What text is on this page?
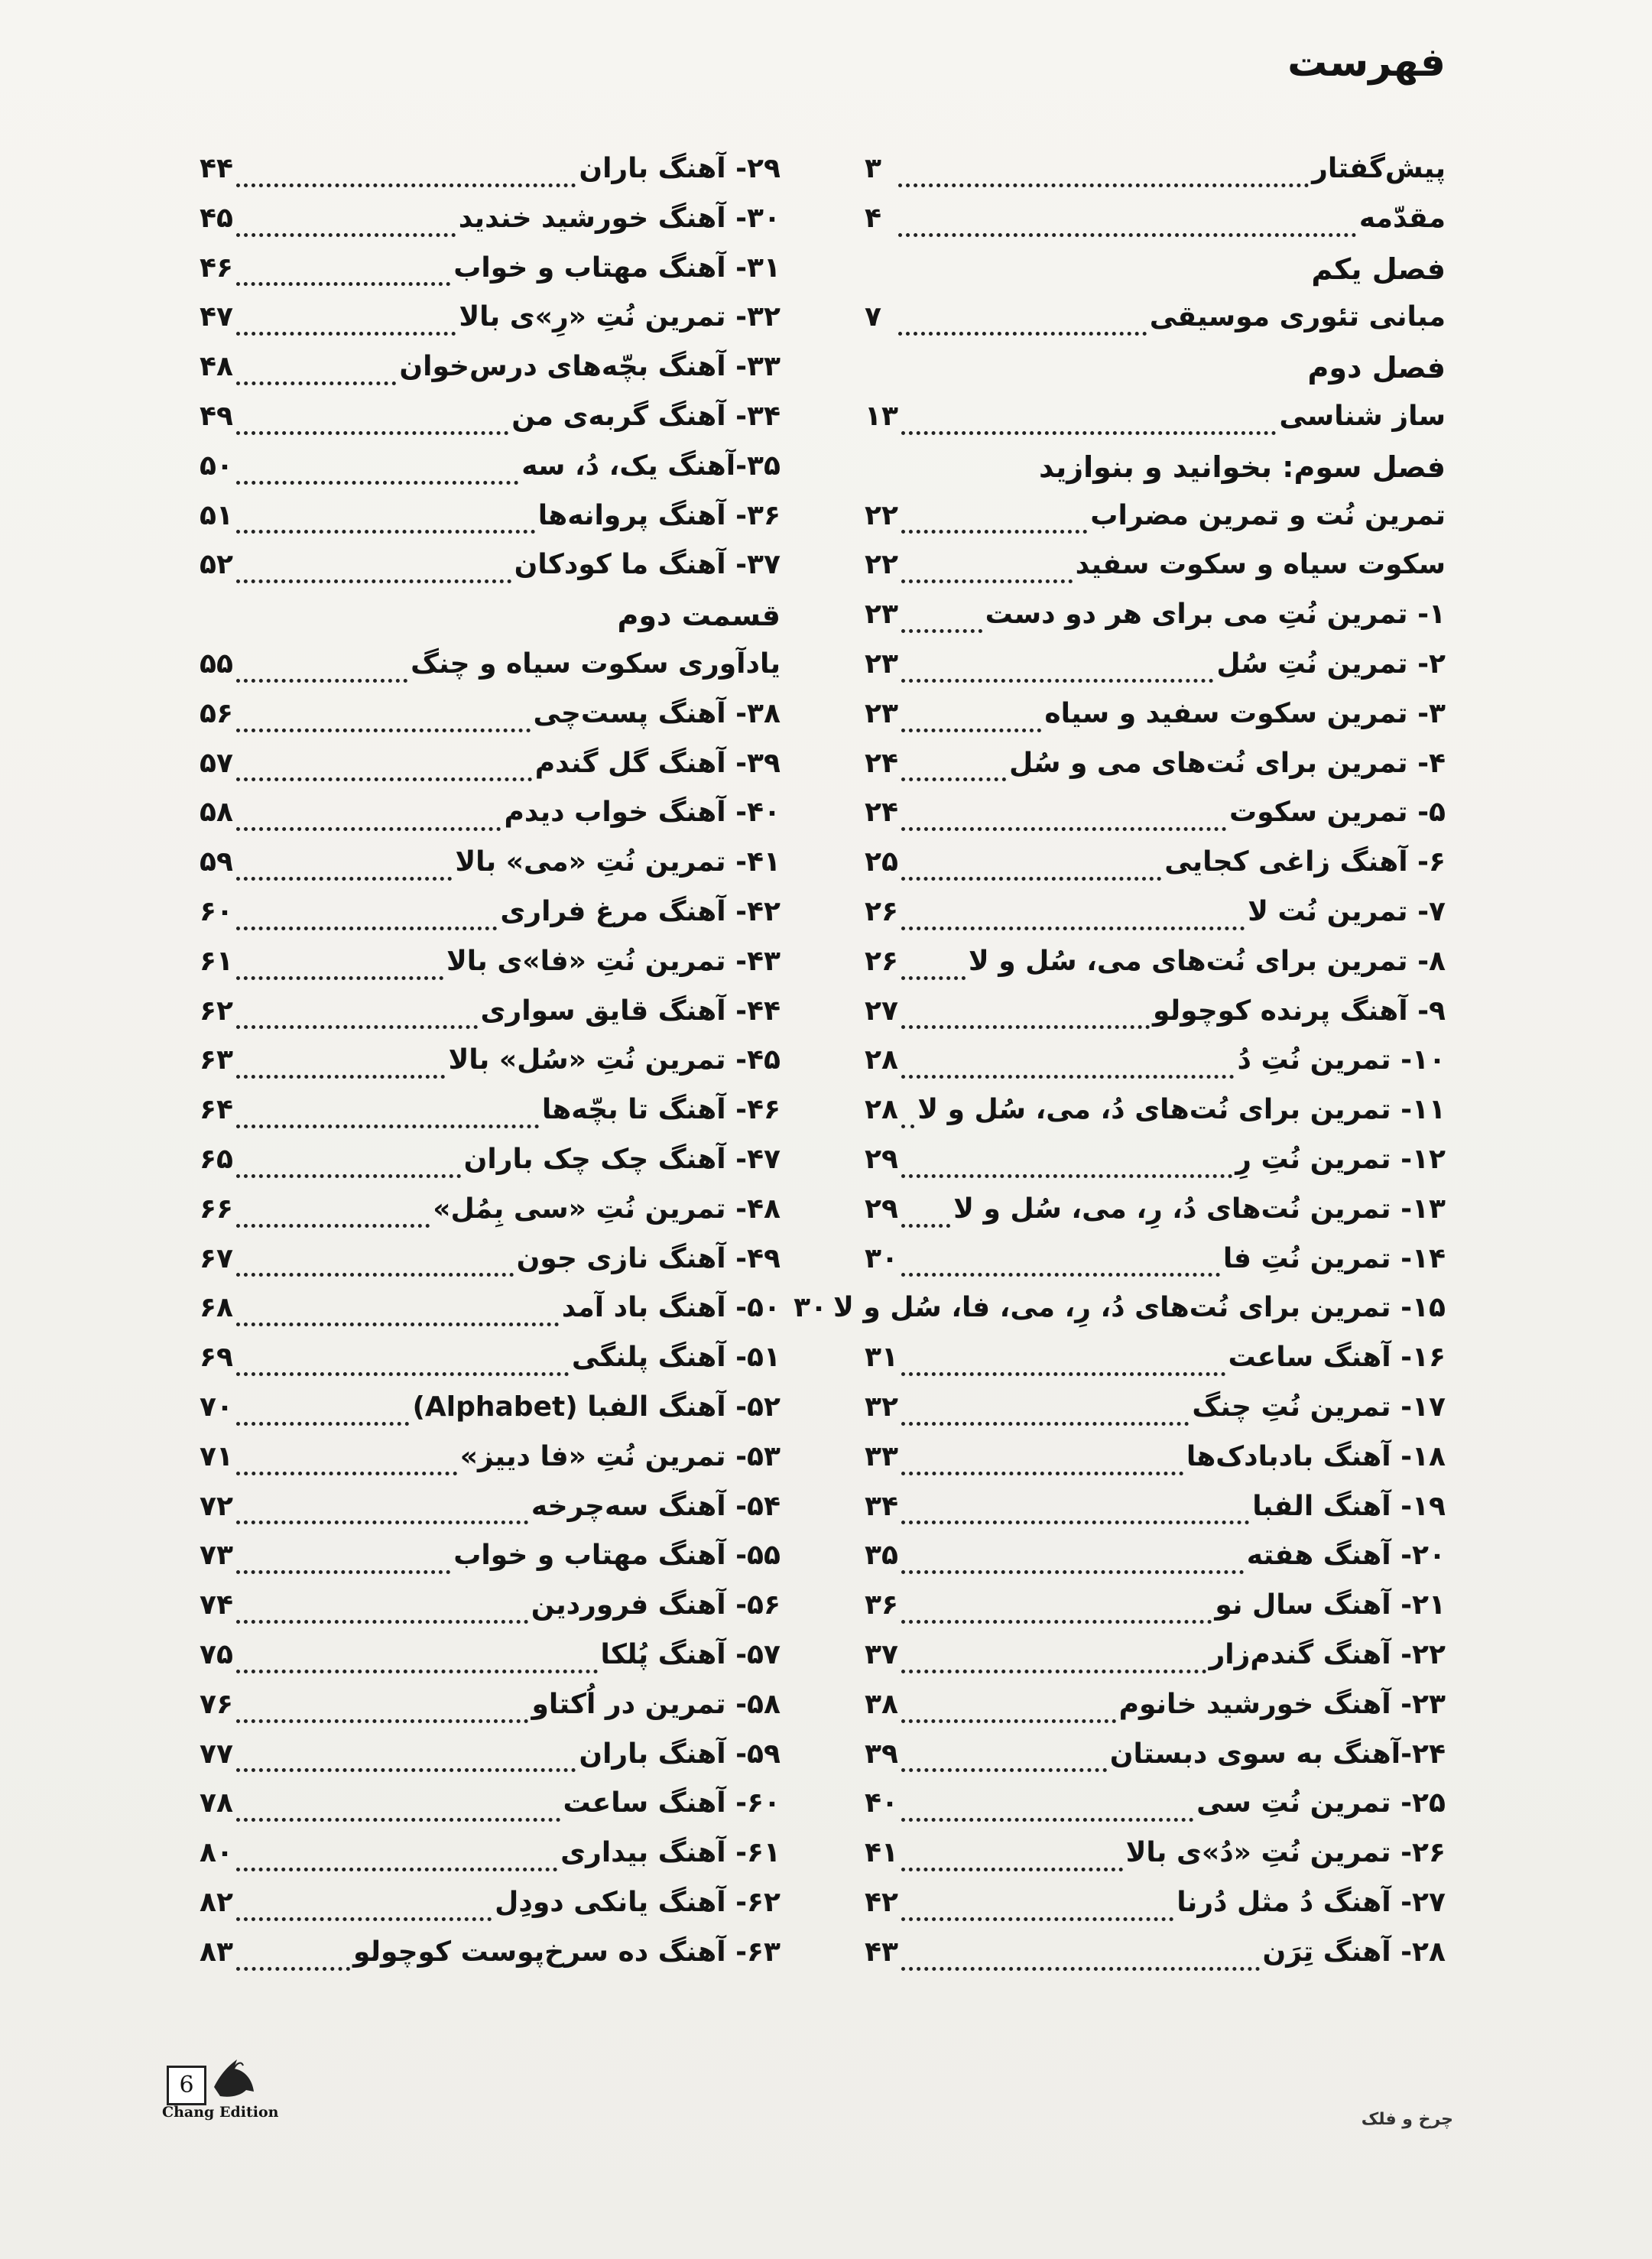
فهرست
پیش‌گفتار
۳
مقدّمه
۴
فصل یکم
مبانی تئوری موسیقی
۷
فصل دوم
ساز شناسی
۱۳
فصل سوم: بخوانید و بنوازید
تمرین نُت و تمرین مضراب
۲۲
سکوت سیاه و سکوت سفید
۲۲
۱- تمرین نُتِ می برای هر دو دست
۲۳
۲- تمرین نُتِ سُل
۲۳
۳- تمرین سکوت سفید و سیاه
۲۳
۴- تمرین برای نُت‌های می و سُل
۲۴
۵- تمرین سکوت
۲۴
۶- آهنگ زاغی کجایی
۲۵
۷- تمرین نُت لا
۲۶
۸- تمرین برای نُت‌های می، سُل و لا
۲۶
۹- آهنگ پرنده کوچولو
۲۷
۱۰- تمرین نُتِ دُ
۲۸
۱۱- تمرین برای نُت‌های دُ، می، سُل و لا
۲۸
۱۲- تمرین نُتِ رِ
۲۹
۱۳- تمرین نُت‌های دُ، رِ، می، سُل و لا
۲۹
۱۴- تمرین نُتِ فا
۳۰
۱۵- تمرین برای نُت‌های دُ، رِ، می، فا، سُل و لا
۳۰
۱۶- آهنگ ساعت
۳۱
۱۷- تمرین نُتِ چنگ
۳۲
۱۸- آهنگ بادبادک‌ها
۳۳
۱۹- آهنگ الفبا
۳۴
۲۰- آهنگ هفته
۳۵
۲۱- آهنگ سال نو
۳۶
۲۲- آهنگ گندم‌زار
۳۷
۲۳- آهنگ خورشید خانوم
۳۸
۲۴-آهنگ به سوی دبستان
۳۹
۲۵- تمرین نُتِ سی
۴۰
۲۶- تمرین نُتِ «دُ»ی بالا
۴۱
۲۷- آهنگ دُ مثل دُرنا
۴۲
۲۸- آهنگ تِرَن
۴۳
۲۹- آهنگ باران
۴۴
۳۰- آهنگ خورشید خندید
۴۵
۳۱- آهنگ مهتاب و خواب
۴۶
۳۲- تمرین نُتِ «رِ»ی بالا
۴۷
۳۳- آهنگ بچّه‌های درس‌خوان
۴۸
۳۴- آهنگ گربه‌ی من
۴۹
۳۵-آهنگ یک، دُ، سه
۵۰
۳۶- آهنگ پروانه‌ها
۵۱
۳۷- آهنگ ما کودکان
۵۲
قسمت دوم
یادآوری سکوت سیاه و چنگ
۵۵
۳۸- آهنگ پست‌چی
۵۶
۳۹- آهنگ گل گندم
۵۷
۴۰- آهنگ خواب دیدم
۵۸
۴۱- تمرین نُتِ «می» بالا
۵۹
۴۲- آهنگ مرغ فراری
۶۰
۴۳- تمرین نُتِ «فا»ی بالا
۶۱
۴۴- آهنگ قایق سواری
۶۲
۴۵- تمرین نُتِ «سُل» بالا
۶۳
۴۶- آهنگ تا بچّه‌ها
۶۴
۴۷- آهنگ چک چک باران
۶۵
۴۸- تمرین نُتِ «سی بِمُل»
۶۶
۴۹- آهنگ نازی جون
۶۷
۵۰- آهنگ باد آمد
۶۸
۵۱- آهنگ پلنگی
۶۹
۵۲- آهنگ الفبا (Alphabet)
۷۰
۵۳- تمرین نُتِ «فا دییز»
۷۱
۵۴- آهنگ سه‌چرخه
۷۲
۵۵- آهنگ مهتاب و خواب
۷۳
۵۶- آهنگ فروردین
۷۴
۵۷- آهنگ پُلکا
۷۵
۵۸- تمرین در اُکتاو
۷۶
۵۹- آهنگ باران
۷۷
۶۰- آهنگ ساعت
۷۸
۶۱- آهنگ بیداری
۸۰
۶۲- آهنگ یانکی دودِل
۸۲
۶۳- آهنگ ده سرخ‌پوست کوچولو
۸۳
6
Chang Edition	چرخ و فلک
